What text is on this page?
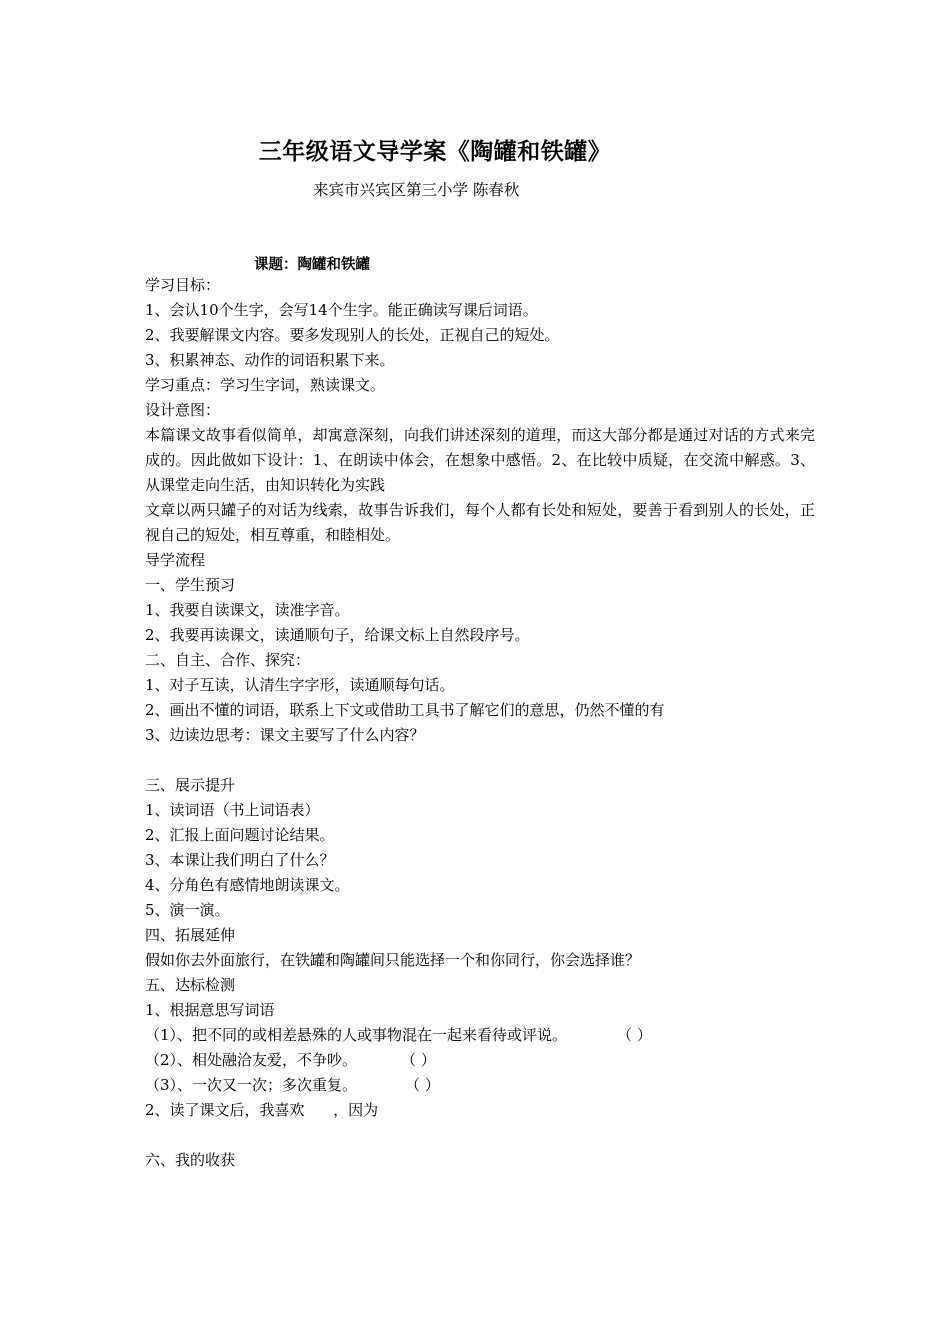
三年级语文导学案《陶罐和铁罐》
来宾市兴宾区第三小学 陈春秋
课题：陶罐和铁罐
学习目标：
1、会认10个生字，会写14个生字。能正确读写课后词语。
2、我要解课文内容。要多发现别人的长处，正视自己的短处。
3、积累神态、动作的词语积累下来。
学习重点：学习生字词，熟读课文。
设计意图：
本篇课文故事看似简单，却寓意深刻，向我们讲述深刻的道理，而这大部分都是通过对话的方式来完成的。因此做如下设计：1、在朗读中体会，在想象中感悟。2、在比较中质疑，在交流中解惑。3、从课堂走向生活，由知识转化为实践
文章以两只罐子的对话为线索，故事告诉我们，每个人都有长处和短处，要善于看到别人的长处，正视自己的短处，相互尊重，和睦相处。
导学流程
一、学生预习
1、我要自读课文，读准字音。
2、我要再读课文，读通顺句子，给课文标上自然段序号。
二、自主、合作、探究：
1、对子互读，认清生字字形，读通顺每句话。
2、画出不懂的词语，联系上下文或借助工具书了解它们的意思，仍然不懂的有
3、边读边思考：课文主要写了什么内容？
三、展示提升
1、读词语（书上词语表）
2、汇报上面问题讨论结果。
3、本课让我们明白了什么？
4、分角色有感情地朗读课文。
5、演一演。
四、拓展延伸
假如你去外面旅行，在铁罐和陶罐间只能选择一个和你同行，你会选择谁？
五、达标检测
1、根据意思写词语
（1）、把不同的或相差悬殊的人或事物混在一起来看待或评说。	（ ）
（2）、相处融洽友爱，不争吵。	（ ）
（3）、一次又一次；多次重复。	（ ）
2、读了课文后，我喜欢      ，因为
六、我的收获
